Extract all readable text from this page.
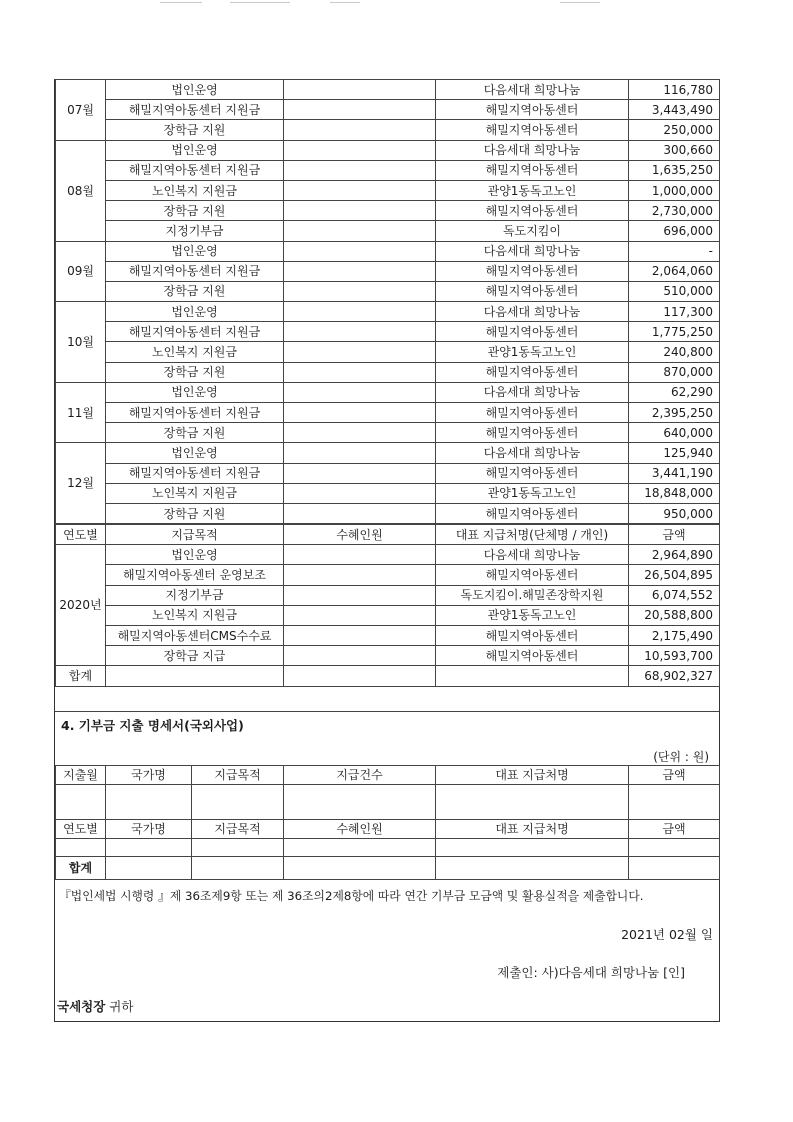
07월	법인운영		다음세대 희망나눔	116,780
	해밀지역아동센터 지원금		해밀지역아동센터	3,443,490
	장학금 지원		해밀지역아동센터	250,000
08월	법인운영		다음세대 희망나눔	300,660
	해밀지역아동센터 지원금		해밀지역아동센터	1,635,250
	노인복지 지원금		관양1동독고노인	1,000,000
	장학금 지원		해밀지역아동센터	2,730,000
	지정기부금		독도지킴이	696,000
09월	법인운영		다음세대 희망나눔	-
	해밀지역아동센터 지원금		해밀지역아동센터	2,064,060
	장학금 지원		해밀지역아동센터	510,000
10월	법인운영		다음세대 희망나눔	117,300
	해밀지역아동센터 지원금		해밀지역아동센터	1,775,250
	노인복지 지원금		관양1동독고노인	240,800
	장학금 지원		해밀지역아동센터	870,000
11월	법인운영		다음세대 희망나눔	62,290
	해밀지역아동센터 지원금		해밀지역아동센터	2,395,250
	장학금 지원		해밀지역아동센터	640,000
12월	법인운영		다음세대 희망나눔	125,940
	해밀지역아동센터 지원금		해밀지역아동센터	3,441,190
	노인복지 지원금		관양1동독고노인	18,848,000
	장학금 지원		해밀지역아동센터	950,000
연도별	지급목적	수혜인원	대표 지급처명(단체명 / 개인)	금액
2020년	법인운영		다음세대 희망나눔	2,964,890
	해밀지역아동센터 운영보조		해밀지역아동센터	26,504,895
	지정기부금		독도지킴이.해밀존장학지원	6,074,552
	노인복지 지원금		관양1동독고노인	20,588,800
	해밀지역아동센터CMS수수료		해밀지역아동센터	2,175,490
	장학금 지급		해밀지역아동센터	10,593,700
합계				68,902,327
4. 기부금 지출 명세서(국외사업)
(단위 : 원)
지출월	국가명	지급목적	지급건수	대표 지급처명	금액

연도별	국가명	지급목적	수혜인원	대표 지급처명	금액

합계					
『법인세법 시행령 』제 36조제9항 또는 제 36조의2제8항에 따라 연간 기부금 모금액 및 활용실적을 제출합니다.
2021년 02월 일
제출인: 사)다음세대 희망나눔 [인]
국세청장 귀하
